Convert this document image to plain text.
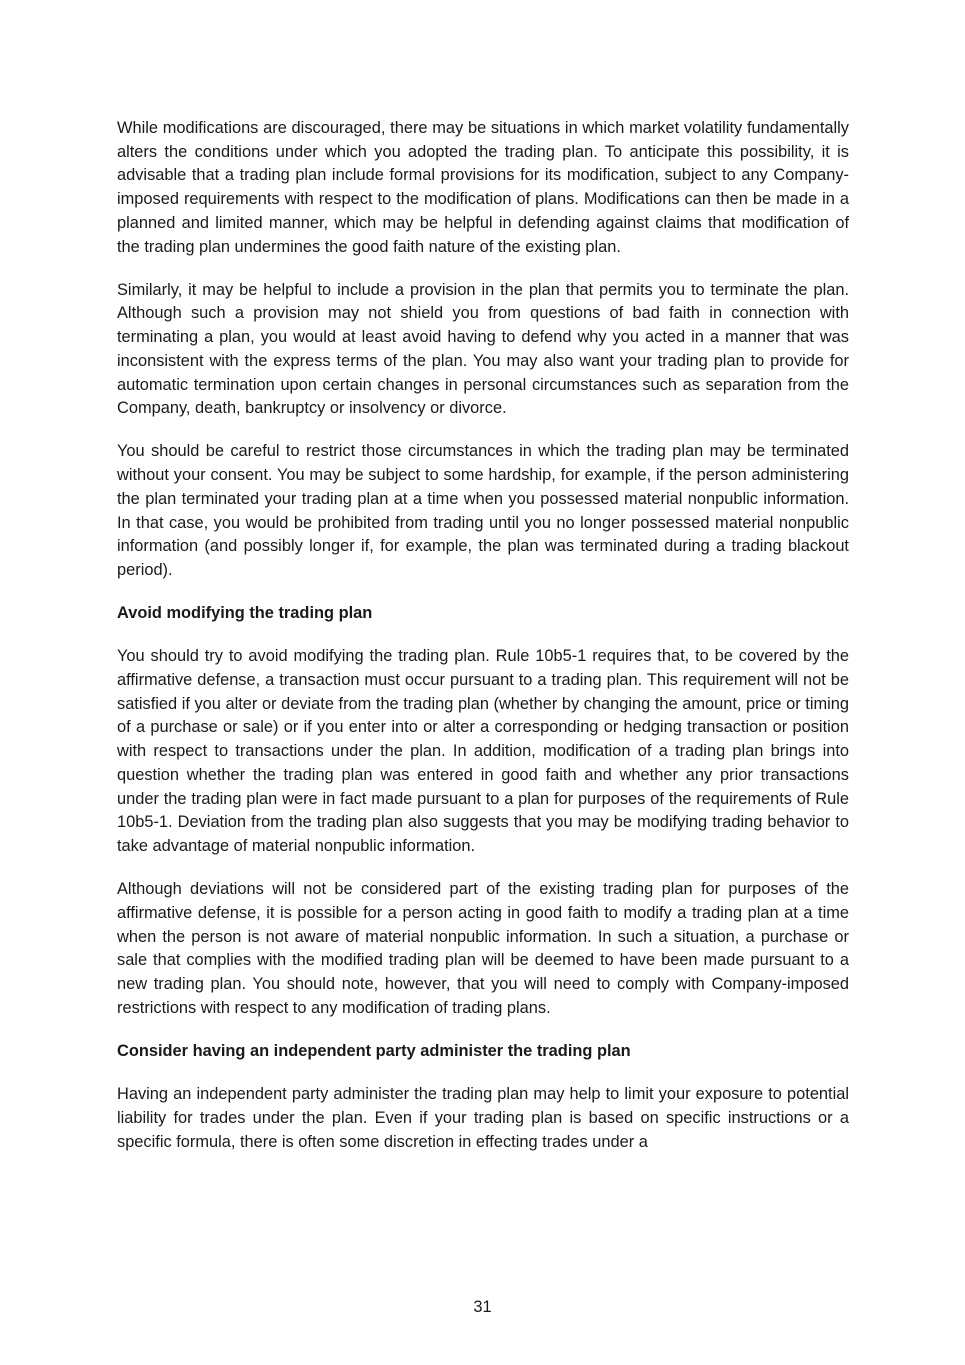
While modifications are discouraged, there may be situations in which market volatility fundamentally alters the conditions under which you adopted the trading plan. To anticipate this possibility, it is advisable that a trading plan include formal provisions for its modification, subject to any Company-imposed requirements with respect to the modification of plans. Modifications can then be made in a planned and limited manner, which may be helpful in defending against claims that modification of the trading plan undermines the good faith nature of the existing plan.

Similarly, it may be helpful to include a provision in the plan that permits you to terminate the plan. Although such a provision may not shield you from questions of bad faith in connection with terminating a plan, you would at least avoid having to defend why you acted in a manner that was inconsistent with the express terms of the plan. You may also want your trading plan to provide for automatic termination upon certain changes in personal circumstances such as separation from the Company, death, bankruptcy or insolvency or divorce.

You should be careful to restrict those circumstances in which the trading plan may be terminated without your consent. You may be subject to some hardship, for example, if the person administering the plan terminated your trading plan at a time when you possessed material nonpublic information. In that case, you would be prohibited from trading until you no longer possessed material nonpublic information (and possibly longer if, for example, the plan was terminated during a trading blackout period).

Avoid modifying the trading plan

You should try to avoid modifying the trading plan. Rule 10b5-1 requires that, to be covered by the affirmative defense, a transaction must occur pursuant to a trading plan. This requirement will not be satisfied if you alter or deviate from the trading plan (whether by changing the amount, price or timing of a purchase or sale) or if you enter into or alter a corresponding or hedging transaction or position with respect to transactions under the plan. In addition, modification of a trading plan brings into question whether the trading plan was entered in good faith and whether any prior transactions under the trading plan were in fact made pursuant to a plan for purposes of the requirements of Rule 10b5-1. Deviation from the trading plan also suggests that you may be modifying trading behavior to take advantage of material nonpublic information.

Although deviations will not be considered part of the existing trading plan for purposes of the affirmative defense, it is possible for a person acting in good faith to modify a trading plan at a time when the person is not aware of material nonpublic information. In such a situation, a purchase or sale that complies with the modified trading plan will be deemed to have been made pursuant to a new trading plan. You should note, however, that you will need to comply with Company-imposed restrictions with respect to any modification of trading plans.

Consider having an independent party administer the trading plan

Having an independent party administer the trading plan may help to limit your exposure to potential liability for trades under the plan. Even if your trading plan is based on specific instructions or a specific formula, there is often some discretion in effecting trades under a

31
